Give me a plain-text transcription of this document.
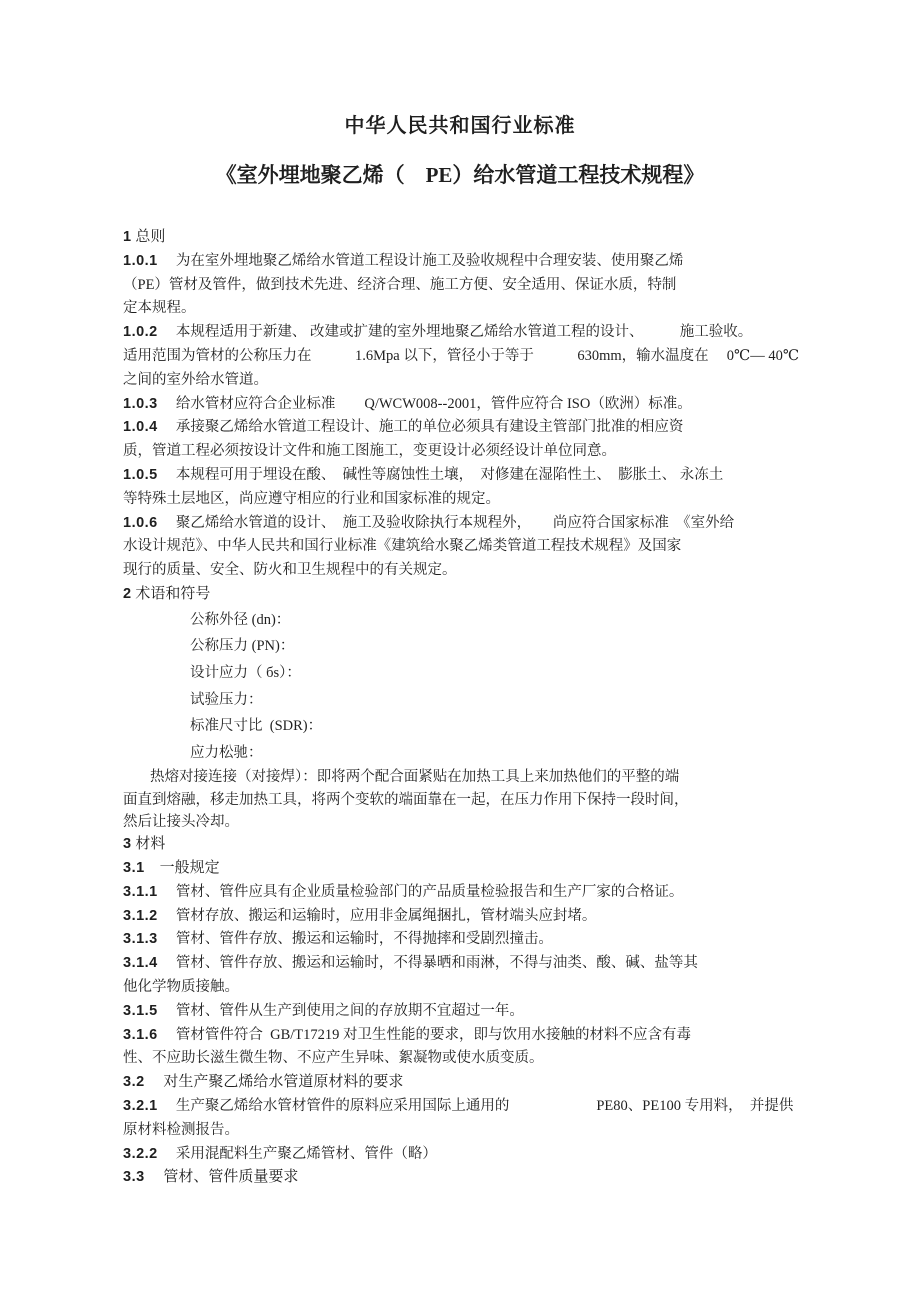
中华人民共和国行业标准
《室外埋地聚乙烯（　PE）给水管道工程技术规程》
1 总则
1.0.1　 为在室外埋地聚乙烯给水管道工程设计施工及验收规程中合理安装、使用聚乙烯
（PE）管材及管件，做到技术先进、经济合理、施工方便、安全适用、保证水质，特制
定本规程。
1.0.2　 本规程适用于新建、 改建或扩建的室外埋地聚乙烯给水管道工程的设计、　　　施工验收。
适用范围为管材的公称压力在　　　1.6Mpa 以下，管径小于等于　　　630mm，输水温度在　 0℃— 40℃
之间的室外给水管道。
1.0.3　 给水管材应符合企业标准　　Q/WCW008--2001，管件应符合 ISO（欧洲）标准。
1.0.4　 承接聚乙烯给水管道工程设计、施工的单位必须具有建设主管部门批准的相应资
质，管道工程必须按设计文件和施工图施工，变更设计必须经设计单位同意。
1.0.5　 本规程可用于埋设在酸、　碱性等腐蚀性土壤，　对修建在湿陷性土、　膨胀土、 永冻土
等特殊土层地区，尚应遵守相应的行业和国家标准的规定。
1.0.6　 聚乙烯给水管道的设计、　施工及验收除执行本规程外，　　尚应符合国家标准　《室外给
水设计规范》、中华人民共和国行业标准《建筑给水聚乙烯类管道工程技术规程》及国家
现行的质量、安全、防火和卫生规程中的有关规定。
2 术语和符号
公称外径 (dn)：
公称压力 (PN)：
设计应力（ бs）：
试验压力：
标准尺寸比  (SDR)：
应力松驰：
热熔对接连接（对接焊）：即将两个配合面紧贴在加热工具上来加热他们的平整的端
面直到熔融，移走加热工具，将两个变软的端面靠在一起，在压力作用下保持一段时间，
然后让接头冷却。
3 材料
3.1　一般规定
3.1.1　 管材、管件应具有企业质量检验部门的产品质量检验报告和生产厂家的合格证。
3.1.2　 管材存放、搬运和运输时，应用非金属绳捆扎，管材端头应封堵。
3.1.3　 管材、管件存放、搬运和运输时，不得抛摔和受剧烈撞击。
3.1.4　 管材、管件存放、搬运和运输时，不得暴晒和雨淋，不得与油类、酸、碱、盐等其
他化学物质接触。
3.1.5　 管材、管件从生产到使用之间的存放期不宜超过一年。
3.1.6　 管材管件符合  GB/T17219 对卫生性能的要求，即与饮用水接触的材料不应含有毒
性、不应助长滋生微生物、不应产生异味、絮凝物或使水质变质。
3.2　 对生产聚乙烯给水管道原材料的要求
3.2.1　 生产聚乙烯给水管材管件的原料应采用国际上通用的　　　　　　PE80、PE100 专用料，　并提供
原材料检测报告。
3.2.2　 采用混配料生产聚乙烯管材、管件（略）
3.3　 管材、管件质量要求
